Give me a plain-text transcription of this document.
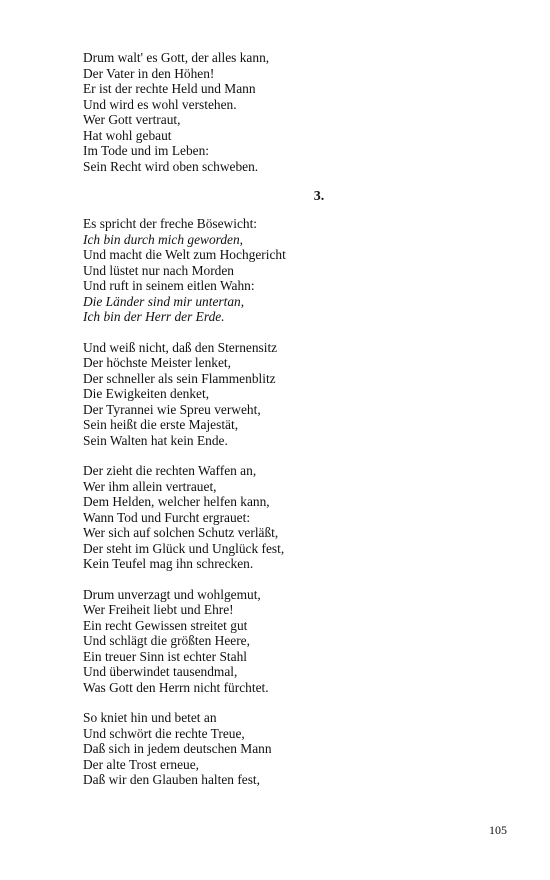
Drum walt' es Gott, der alles kann,
Der Vater in den Höhen!
Er ist der rechte Held und Mann
Und wird es wohl verstehen.
Wer Gott vertraut,
Hat wohl gebaut
Im Tode und im Leben:
Sein Recht wird oben schweben.
3.
Es spricht der freche Bösewicht:
Ich bin durch mich geworden,
Und macht die Welt zum Hochgericht
Und lüstet nur nach Morden
Und ruft in seinem eitlen Wahn:
Die Länder sind mir untertan,
Ich bin der Herr der Erde.
Und weiß nicht, daß den Sternensitz
Der höchste Meister lenket,
Der schneller als sein Flammenblitz
Die Ewigkeiten denket,
Der Tyrannei wie Spreu verweht,
Sein heißt die erste Majestät,
Sein Walten hat kein Ende.
Der zieht die rechten Waffen an,
Wer ihm allein vertrauet,
Dem Helden, welcher helfen kann,
Wann Tod und Furcht ergrauet:
Wer sich auf solchen Schutz verläßt,
Der steht im Glück und Unglück fest,
Kein Teufel mag ihn schrecken.
Drum unverzagt und wohlgemut,
Wer Freiheit liebt und Ehre!
Ein recht Gewissen streitet gut
Und schlägt die größten Heere,
Ein treuer Sinn ist echter Stahl
Und überwindet tausendmal,
Was Gott den Herrn nicht fürchtet.
So kniet hin und betet an
Und schwört die rechte Treue,
Daß sich in jedem deutschen Mann
Der alte Trost erneue,
Daß wir den Glauben halten fest,
105
